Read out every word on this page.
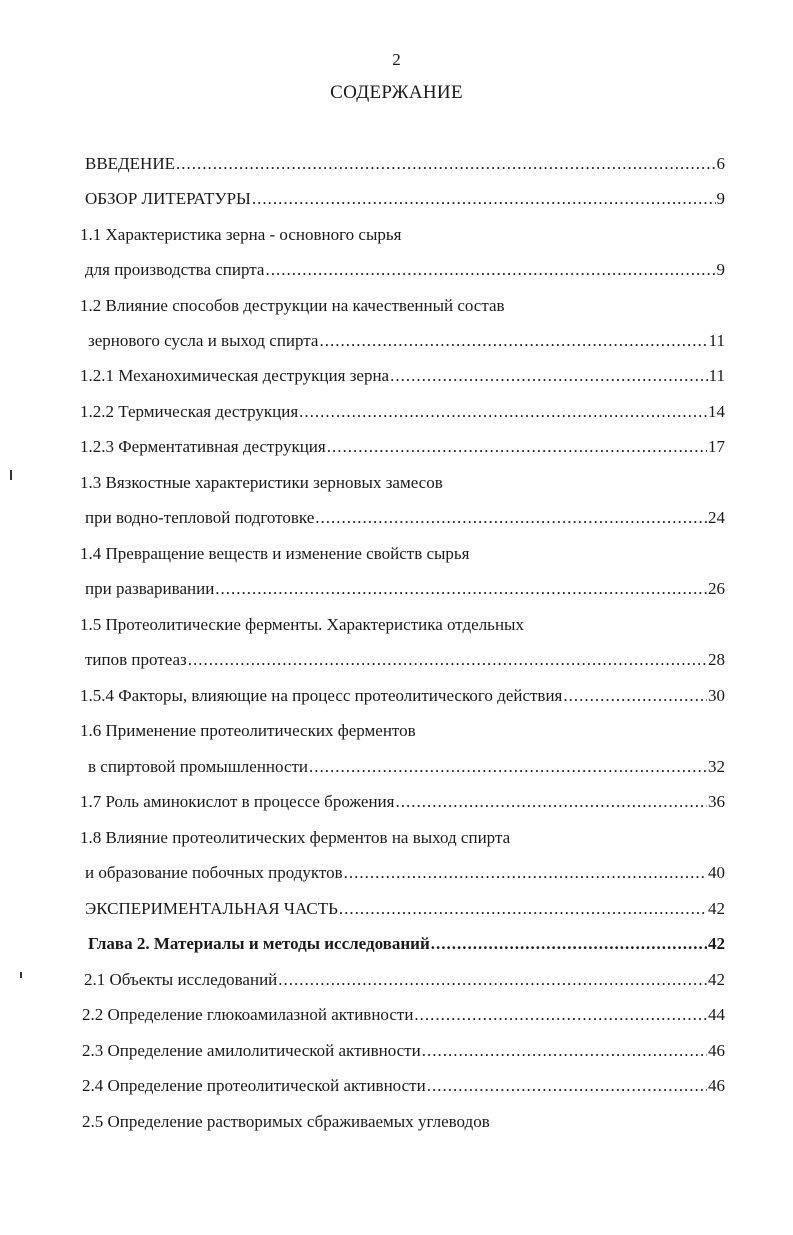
2
СОДЕРЖАНИЕ
ВВЕДЕНИЕ .....	6
ОБЗОР ЛИТЕРАТУРЫ .....	9
1.1 Характеристика зерна - основного сырья
для производства спирта .....	9
1.2 Влияние способов деструкции на качественный состав
зернового сусла и выход спирта .....	11
1.2.1 Механохимическая деструкция зерна .....	11
1.2.2 Термическая деструкция .....	14
1.2.3 Ферментативная деструкция .....	17
1.3 Вязкостные характеристики зерновых замесов
при водно-тепловой подготовке .....	24
1.4 Превращение веществ и изменение свойств сырья
при разваривании .....	26
1.5 Протеолитические ферменты. Характеристика отдельных
типов протеаз .....	28
1.5.4 Факторы, влияющие на процесс протеолитического действия .....	30
1.6 Применение протеолитических ферментов
в спиртовой промышленности .....	32
1.7 Роль аминокислот в процессе брожения .....	36
1.8 Влияние протеолитических ферментов на выход спирта
и образование побочных продуктов .....	40
ЭКСПЕРИМЕНТАЛЬНАЯ ЧАСТЬ .....	42
Глава 2. Материалы и методы исследований .....	42
2.1 Объекты исследований .....	42
2.2 Определение глюкоамилазной активности .....	44
2.3 Определение амилолитической активности .....	46
2.4 Определение протеолитической активности .....	46
2.5 Определение растворимых сбраживаемых углеводов
